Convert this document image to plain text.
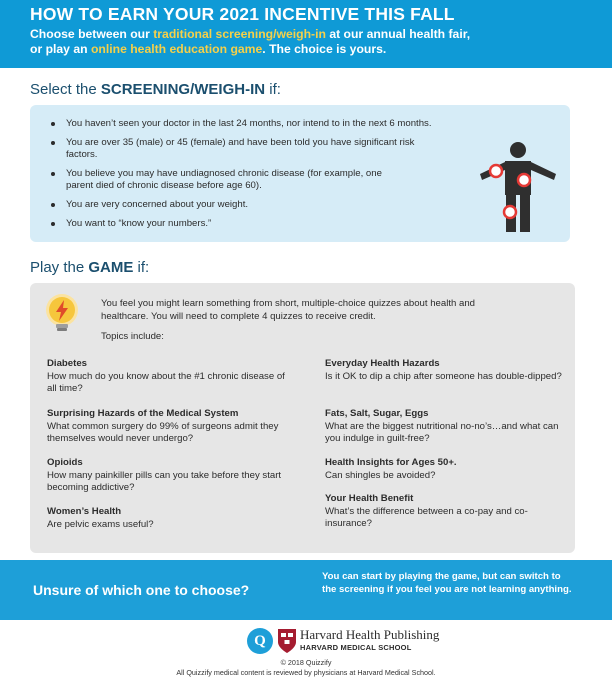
HOW TO EARN YOUR 2021 INCENTIVE THIS FALL
Choose between our traditional screening/weigh-in at our annual health fair,
or play an online health education game. The choice is yours.
Select the SCREENING/WEIGH-IN if:
You haven’t seen your doctor in the last 24 months, nor intend to in the next 6 months.
You are over 35 (male) or 45 (female) and have been told you have significant risk factors.
You believe you may have undiagnosed chronic disease (for example, one parent died of chronic disease before age 60).
You are very concerned about your weight.
You want to “know your numbers.”
Play the GAME if:
You feel you might learn something from short, multiple-choice quizzes about health and healthcare. You will need to complete 4 quizzes to receive credit.
Topics include:
Diabetes
How much do you know about the #1 chronic disease of all time?
Surprising Hazards of the Medical System
What common surgery do 99% of surgeons admit they themselves would never undergo?
Opioids
How many painkiller pills can you take before they start becoming addictive?
Women’s Health
Are pelvic exams useful?
Everyday Health Hazards
Is it OK to dip a chip after someone has double-dipped?
Fats, Salt, Sugar, Eggs
What are the biggest nutritional no-no’s…and what can you indulge in guilt-free?
Health Insights for Ages 50+.
Can shingles be avoided?
Your Health Benefit
What’s the difference between a co-pay and co-insurance?
Unsure of which one to choose?
You can start by playing the game, but can switch to the screening if you feel you are not learning anything.
Q	Harvard Health Publishing
HARVARD MEDICAL SCHOOL
© 2018 Quizzify
All Quizzify medical content is reviewed by physicians at Harvard Medical School.
